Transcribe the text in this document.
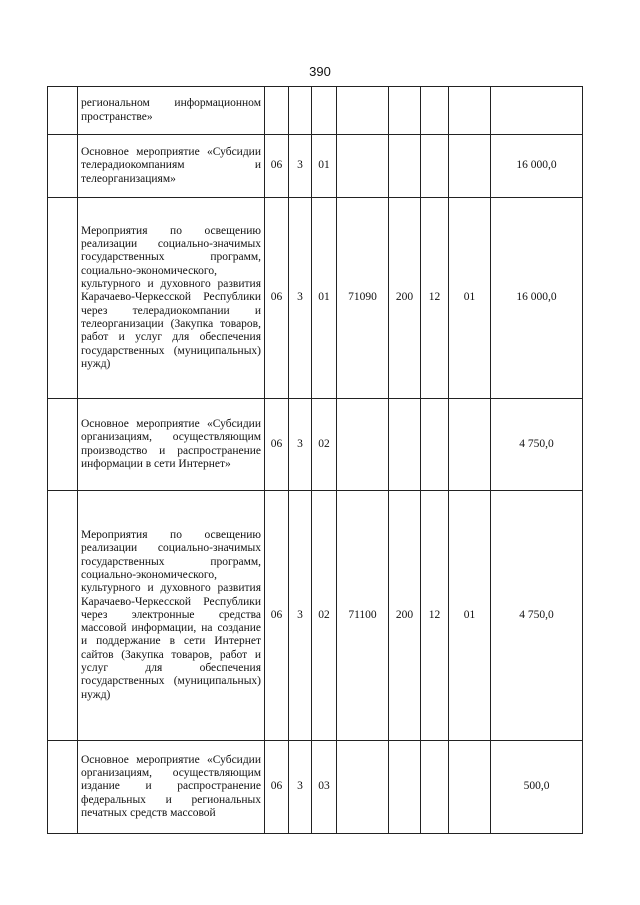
390

	региональном информационном пространстве»								

	Основное мероприятие «Субсидии телерадиокомпаниям и телеорганизациям»	06	3	01					16 000,0

	Мероприятия по освещению реализации социально-значимых государственных программ, социально-экономического, культурного и духовного развития Карачаево-Черкесской Республики через телерадиокомпании и телеорганизации (Закупка товаров, работ и услуг для обеспечения государственных (муниципальных) нужд)	06	3	01	71090	200	12	01	16 000,0

	Основное мероприятие «Субсидии организациям, осуществляющим производство и распространение информации в сети Интернет»	06	3	02					4 750,0

	Мероприятия по освещению реализации социально-значимых государственных программ, социально-экономического, культурного и духовного развития Карачаево-Черкесской Республики через электронные средства массовой информации, на создание и поддержание в сети Интернет сайтов (Закупка товаров, работ и услуг для обеспечения государственных (муниципальных) нужд)	06	3	02	71100	200	12	01	4 750,0

	Основное мероприятие «Субсидии организациям, осуществляющим издание и распространение федеральных и региональных печатных средств массовой	06	3	03					500,0
